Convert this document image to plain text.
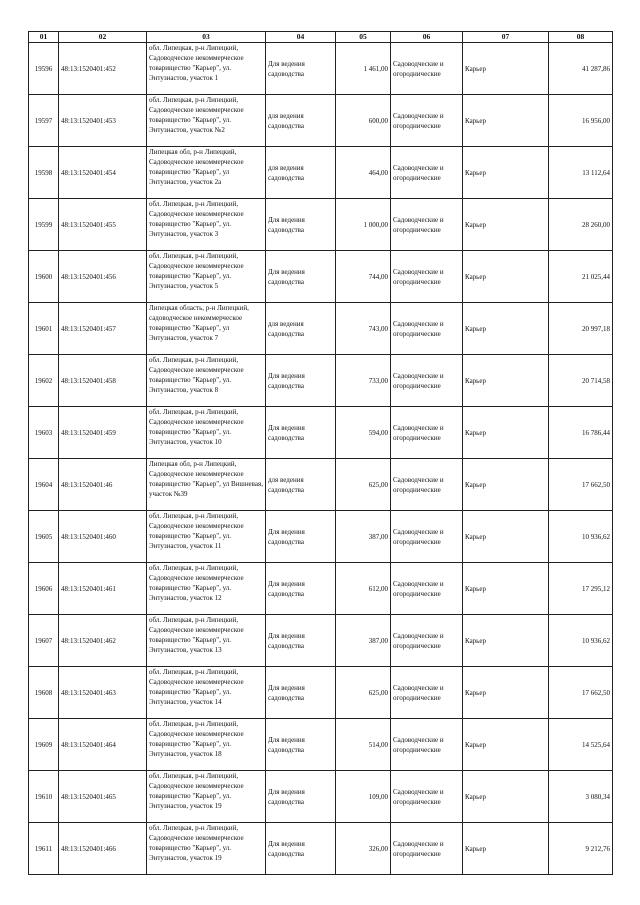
01	02	03	04	05	06	07	08
19596	48:13:1520401:452	обл. Липецкая, р-н Липецкий, Садоводческое некоммерческое товарищество "Карьер", ул. Энтузиастов, участок 1	Для ведения садоводства	1 461,00	Садоводческие и огороднические	Карьер	41 287,86
19597	48:13:1520401:453	обл. Липецкая, р-н Липецкий, Садоводческое некоммерческое товарищество "Карьер", ул. Энтузиастов, участок №2	для ведения садоводства	600,00	Садоводческие и огороднические	Карьер	16 956,00
19598	48:13:1520401:454	Липецкая обл, р-н Липецкий, Садоводческое некоммерческое товарищество "Карьер", ул Энтузиастов, участок 2а	для ведения садоводства	464,00	Садоводческие и огороднические	Карьер	13 112,64
19599	48:13:1520401:455	обл. Липецкая, р-н Липецкий, Садоводческое некоммерческое товарищество "Карьер", ул. Энтузиастов, участок 3	Для ведения садоводства	1 000,00	Садоводческие и огороднические	Карьер	28 260,00
19600	48:13:1520401:456	обл. Липецкая, р-н Липецкий, Садоводческое некоммерческое товарищество "Карьер", ул. Энтузиастов, участок 5	Для ведения садоводства	744,00	Садоводческие и огороднические	Карьер	21 025,44
19601	48:13:1520401:457	Липецкая область, р-н Липецкий, садоводческое некоммерческое товарищество "Карьер", ул Энтузиастов, участок 7	для ведения садоводства	743,00	Садоводческие и огороднические	Карьер	20 997,18
19602	48:13:1520401:458	обл. Липецкая, р-н Липецкий, Садоводческое некоммерческое товарищество "Карьер", ул. Энтузиастов, участок 8	Для ведения садоводства	733,00	Садоводческие и огороднические	Карьер	20 714,58
19603	48:13:1520401:459	обл. Липецкая, р-н Липецкий, Садоводческое некоммерческое товарищество "Карьер", ул. Энтузиастов, участок 10	Для ведения садоводства	594,00	Садоводческие и огороднические	Карьер	16 786,44
19604	48:13:1520401:46	Липецкая обл, р-н Липецкий, Садоводческое некоммерческое товарищество "Карьер", ул Вишневая, участок №39	для ведения садоводства	625,00	Садоводческие и огороднические	Карьер	17 662,50
19605	48:13:1520401:460	обл. Липецкая, р-н Липецкий, Садоводческое некоммерческое товарищество "Карьер", ул. Энтузиастов, участок 11	Для ведения садоводства	387,00	Садоводческие и огороднические	Карьер	10 936,62
19606	48:13:1520401:461	обл. Липецкая, р-н Липецкий, Садоводческое некоммерческое товарищество "Карьер", ул. Энтузиастов, участок 12	Для ведения садоводства	612,00	Садоводческие и огороднические	Карьер	17 295,12
19607	48:13:1520401:462	обл. Липецкая, р-н Липецкий, Садоводческое некоммерческое товарищество "Карьер", ул. Энтузиастов, участок 13	Для ведения садоводства	387,00	Садоводческие и огороднические	Карьер	10 936,62
19608	48:13:1520401:463	обл. Липецкая, р-н Липецкий, Садоводческое некоммерческое товарищество "Карьер", ул. Энтузиастов, участок 14	Для ведения садоводства	625,00	Садоводческие и огороднические	Карьер	17 662,50
19609	48:13:1520401:464	обл. Липецкая, р-н Липецкий, Садоводческое некоммерческое товарищество "Карьер", ул. Энтузиастов, участок 18	Для ведения садоводства	514,00	Садоводческие и огороднические	Карьер	14 525,64
19610	48:13:1520401:465	обл. Липецкая, р-н Липецкий, Садоводческое некоммерческое товарищество "Карьер", ул. Энтузиастов, участок 19	Для ведения садоводства	109,00	Садоводческие и огороднические	Карьер	3 080,34
19611	48:13:1520401:466	обл. Липецкая, р-н Липецкий, Садоводческое некоммерческое товарищество "Карьер", ул. Энтузиастов, участок 19	Для ведения садоводства	326,00	Садоводческие и огороднические	Карьер	9 212,76
